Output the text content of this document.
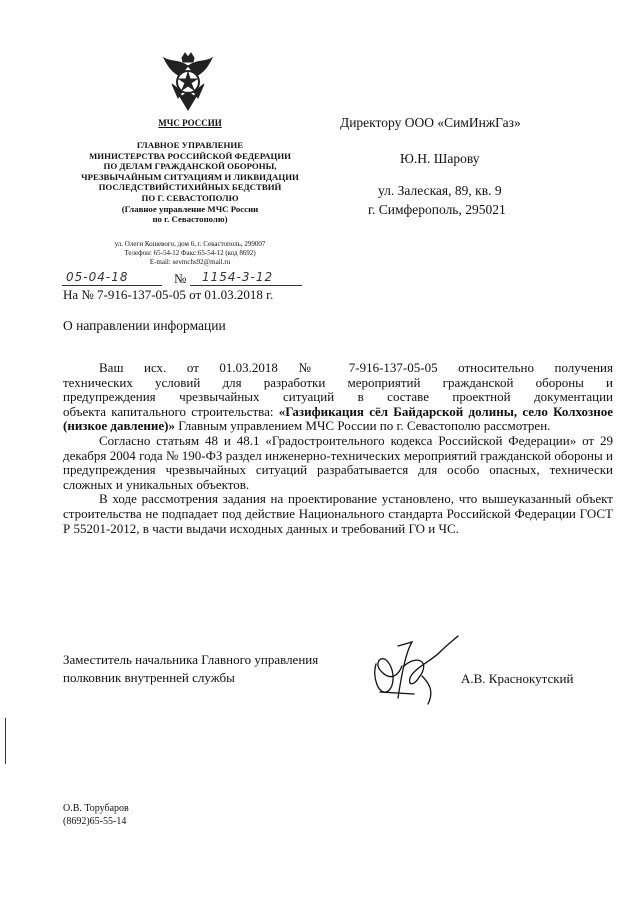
МЧС РОССИИ
ГЛАВНОЕ УПРАВЛЕНИЕ
МИНИСТЕРСТВА РОССИЙСКОЙ ФЕДЕРАЦИИ
ПО ДЕЛАМ ГРАЖДАНСКОЙ ОБОРОНЫ,
ЧРЕЗВЫЧАЙНЫМ СИТУАЦИЯМ И ЛИКВИДАЦИИ
ПОСЛЕДСТВИЙСТИХИЙНЫХ БЕДСТВИЙ
ПО Г. СЕВАСТОПОЛЮ
(Главное управление МЧС России
по г. Севастополю)
ул. Олеги Кошевого, дом 6, г. Севастополь, 299007
Телефон: 65-54-12 Факс:65-54-12 (код 8692)
E-mail: sevmchs92@mail.ru
05-04-18	№ 1154-3-12
На № 7-916-137-05-05 от 01.03.2018 г.
Директору ООО «СимИнжГаз»
Ю.Н. Шарову
ул. Залеская, 89, кв. 9
г. Симферополь, 295021
О направлении информации
Ваш исх. от 01.03.2018 № 7-916-137-05-05 относительно получения
технических условий для разработки мероприятий гражданской обороны и
предупреждения чрезвычайных ситуаций в составе проектной документации
объекта капитального строительства: «Газификация сёл Байдарской долины, село Колхозное (низкое давление)» Главным управлением МЧС России по г. Севастополю рассмотрен.
Согласно статьям 48 и 48.1 «Градостроительного кодекса Российской Федерации» от 29 декабря 2004 года № 190-ФЗ раздел инженерно-технических мероприятий гражданской обороны и предупреждения чрезвычайных ситуаций разрабатывается для особо опасных, технически сложных и уникальных объектов.
В ходе рассмотрения задания на проектирование установлено, что вышеуказанный объект строительства не подпадает под действие Национального стандарта Российской Федерации ГОСТ Р 55201-2012, в части выдачи исходных данных и требований ГО и ЧС.
Заместитель начальника Главного управления
полковник внутренней службы	А.В. Краснокутский
О.В. Торубаров
(8692)65-55-14
